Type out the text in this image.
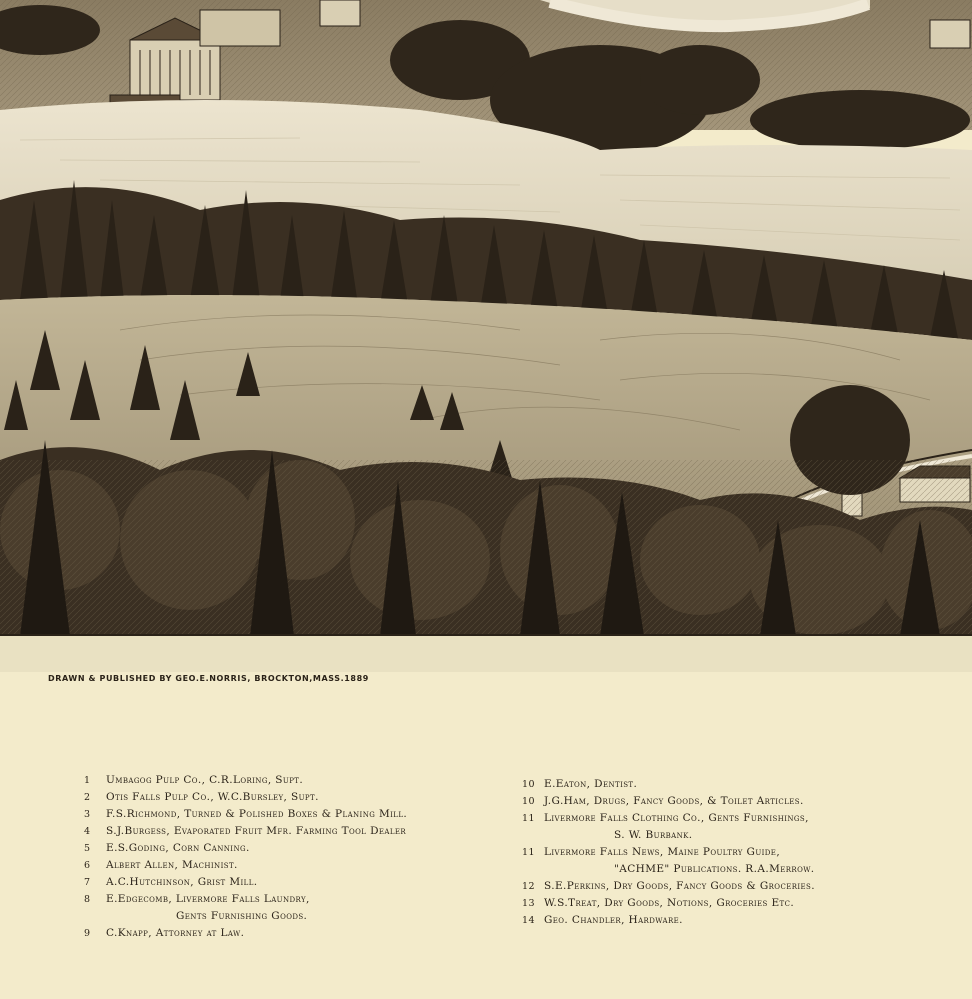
DRAWN & PUBLISHED BY GEO.E.NORRIS, BROCKTON,MASS.1889
1	Umbagog Pulp Co., C.R.Loring, Supt.
2	Otis Falls Pulp Co., W.C.Bursley, Supt.
3	F.S.Richmond, Turned & Polished Boxes & Planing Mill.
4	S.J.Burgess, Evaporated Fruit Mfr. Farming Tool Dealer
5	E.S.Goding, Corn Canning.
6	Albert Allen, Machinist.
7	A.C.Hutchinson, Grist Mill.
8	E.Edgecomb, Livermore Falls Laundry,
Gents Furnishing Goods.
9	C.Knapp, Attorney at Law.
10 E.Eaton, Dentist.
10 J.G.Ham, Drugs, Fancy Goods, & Toilet Articles.
11 Livermore Falls Clothing Co., Gents Furnishings,
S. W. Burbank.
11 Livermore Falls News, Maine Poultry Guide,
"ACHME" Publications. R.A.Merrow.
12 S.E.Perkins, Dry Goods, Fancy Goods & Groceries.
13 W.S.Treat, Dry Goods, Notions, Groceries Etc.
14 Geo. Chandler, Hardware.
